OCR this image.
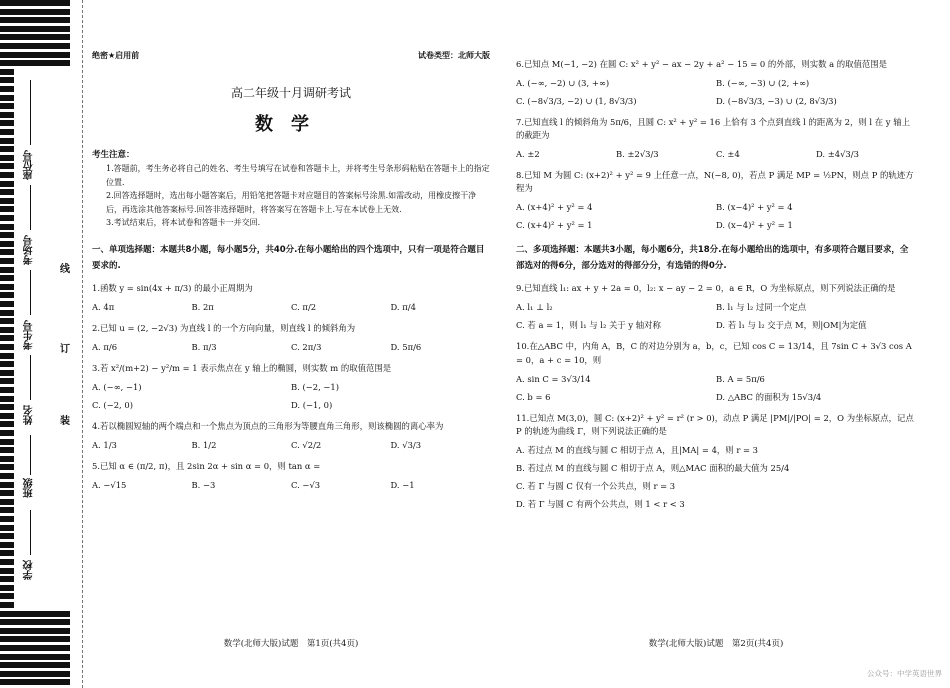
座位号
考场号
考生号
姓名
班级
学校
线
订
装
绝密★启用前	试卷类型：北师大版
高二年级十月调研考试
数学
考生注意：
1.答题前，考生务必将自己的姓名、考生号填写在试卷和答题卡上，并将考生号条形码粘贴在答题卡上的指定位置.
2.回答选择题时，选出每小题答案后，用铅笔把答题卡对应题目的答案标号涂黑.如需改动，用橡皮擦干净后，再选涂其他答案标号.回答非选择题时，将答案写在答题卡上.写在本试卷上无效.
3.考试结束后，将本试卷和答题卡一并交回.
一、单项选择题：本题共8小题，每小题5分，共40分.在每小题给出的四个选项中，只有一项是符合题目要求的.
1.函数 y = sin(4x + π/3) 的最小正周期为
A. 4π	B. 2π	C. π/2	D. π/4
2.已知 u = (2, −2√3) 为直线 l 的一个方向向量，则直线 l 的倾斜角为
A. π/6	B. π/3	C. 2π/3	D. 5π/6
3.若 x²/(m+2) − y²/m = 1 表示焦点在 y 轴上的椭圆，则实数 m 的取值范围是
A. (−∞, −1)	B. (−2, −1)
C. (−2, 0)	D. (−1, 0)
4.若以椭圆短轴的两个端点和一个焦点为顶点的三角形为等腰直角三角形，则该椭圆的离心率为
A. 1/3	B. 1/2	C. √2/2	D. √3/3
5.已知 α ∈ (π/2, π)，且 2sin 2α + sin α = 0，则 tan α =
A. −√15	B. −3	C. −√3	D. −1
6.已知点 M(−1, −2) 在圆 C: x² + y² − ax − 2y + a² − 15 = 0 的外部，则实数 a 的取值范围是
A. (−∞, −2) ∪ (3, +∞)	B. (−∞, −3) ∪ (2, +∞)
C. (−8√3/3, −2) ∪ (1, 8√3/3)	D. (−8√3/3, −3) ∪ (2, 8√3/3)
7.已知直线 l 的倾斜角为 5π/6，且圆 C: x² + y² = 16 上恰有 3 个点到直线 l 的距离为 2，则 l 在 y 轴上的截距为
A. ±2	B. ±2√3/3	C. ±4	D. ±4√3/3
8.已知 M 为圆 C: (x+2)² + y² = 9 上任意一点，N(−8, 0)，若点 P 满足 MP = ½PN，则点 P 的轨迹方程为
A. (x+4)² + y² = 4	B. (x−4)² + y² = 4
C. (x+4)² + y² = 1	D. (x−4)² + y² = 1
二、多项选择题：本题共3小题，每小题6分，共18分.在每小题给出的选项中，有多项符合题目要求，全部选对的得6分，部分选对的得部分分，有选错的得0分.
9.已知直线 l₁: ax + y + 2a = 0，l₂: x − ay − 2 = 0，a ∈ R，O 为坐标原点，则下列说法正确的是
A. l₁ ⊥ l₂	B. l₁ 与 l₂ 过同一个定点
C. 若 a = 1，则 l₁ 与 l₂ 关于 y 轴对称	D. 若 l₁ 与 l₂ 交于点 M，则|OM|为定值
10.在△ABC 中，内角 A，B，C 的对边分别为 a，b，c，已知 cos C = 13/14，且 7sin C + 3√3 cos A = 0，a + c = 10，则
A. sin C = 3√3/14	B. A = 5π/6
C. b = 6	D. △ABC 的面积为 15√3/4
11.已知点 M(3,0)，圆 C: (x+2)² + y² = r² (r > 0)，动点 P 满足 |PM|/|PO| = 2，O 为坐标原点，记点 P 的轨迹为曲线 Γ，则下列说法正确的是
A. 若过点 M 的直线与圆 C 相切于点 A，且|MA| = 4，则 r = 3
B. 若过点 M 的直线与圆 C 相切于点 A，则△MAC 面积的最大值为 25/4
C. 若 Γ 与圆 C 仅有一个公共点，则 r = 3
D. 若 Γ 与圆 C 有两个公共点，则 1 < r < 3
数学(北师大版)试题　第1页(共4页)	数学(北师大版)试题　第2页(共4页)
公众号：中学英语世界
